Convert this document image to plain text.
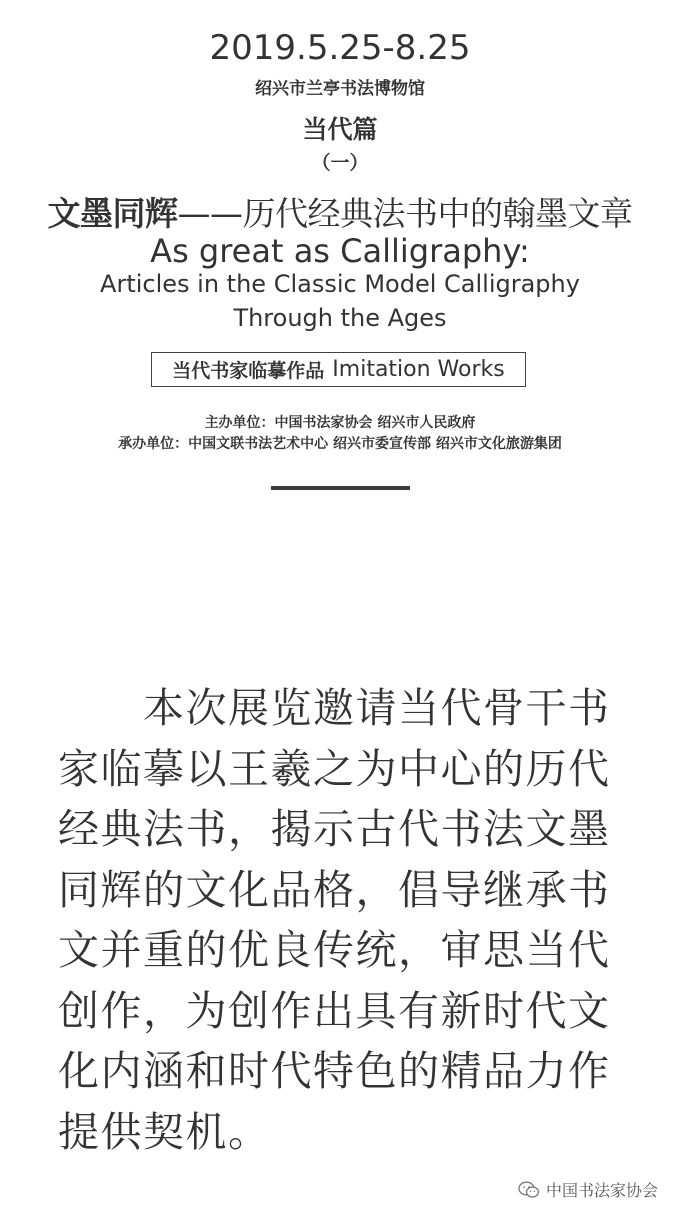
2019.5.25-8.25
绍兴市兰亭书法博物馆
当代篇
（一）
文墨同辉——历代经典法书中的翰墨文章
As great as Calligraphy:
Articles in the Classic Model Calligraphy
Through the Ages
当代书家临摹作品 Imitation Works
主办单位：中国书法家协会 绍兴市人民政府
承办单位：中国文联书法艺术中心 绍兴市委宣传部 绍兴市文化旅游集团
　　本次展览邀请当代骨干书
家临摹以王羲之为中心的历代
经典法书，揭示古代书法文墨
同辉的文化品格，倡导继承书
文并重的优良传统，审思当代
创作，为创作出具有新时代文
化内涵和时代特色的精品力作
提供契机。
中国书法家协会
